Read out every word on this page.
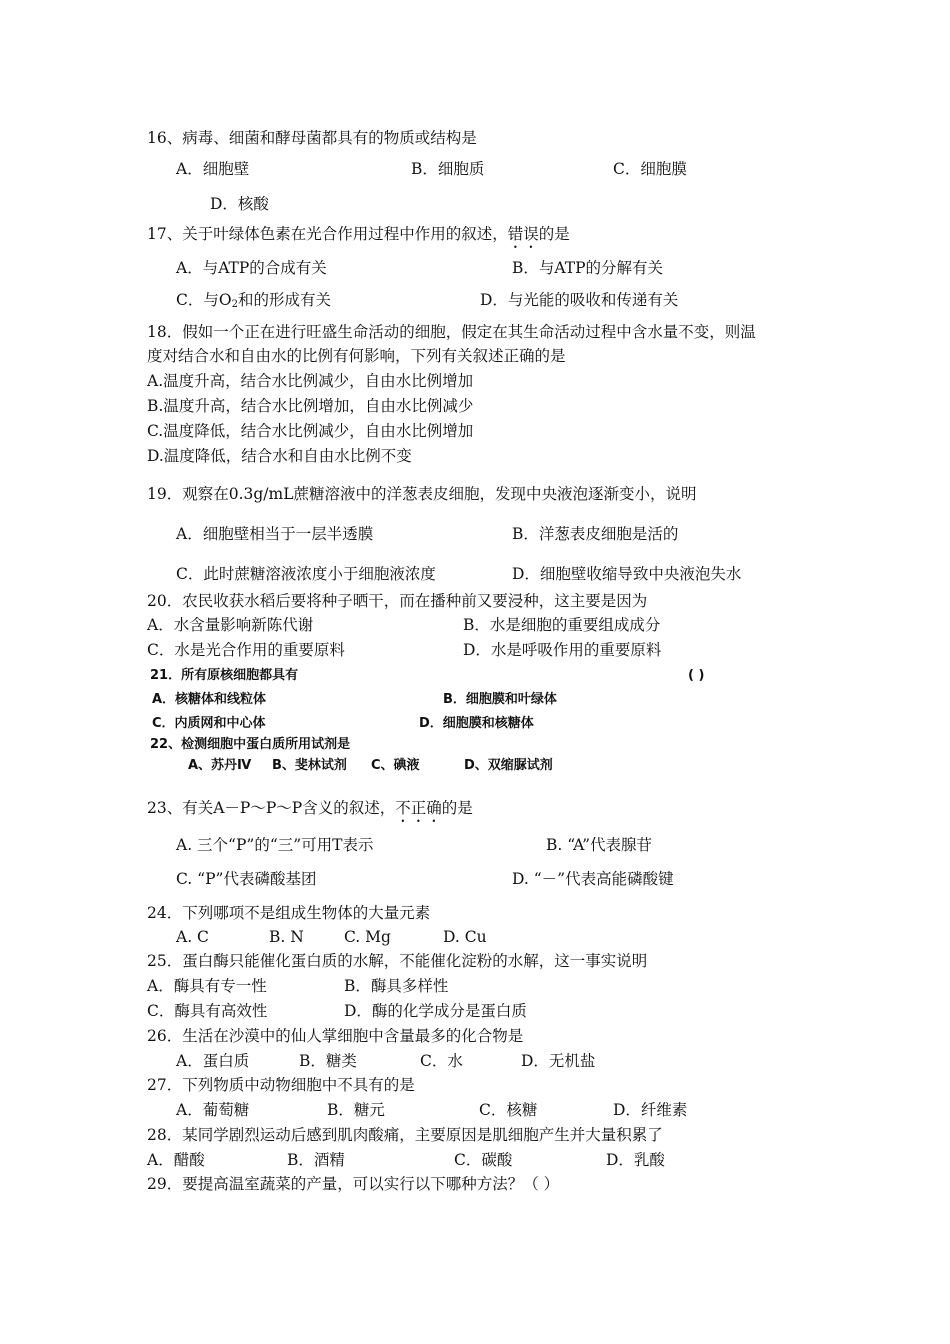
16、病毒、细菌和酵母菌都具有的物质或结构是
A．细胞壁	B．细胞质	C．细胞膜
D．核酸
17、关于叶绿体色素在光合作用过程中作用的叙述，错误的是
A．与ATP的合成有关	B．与ATP的分解有关
C．与$O_2$和的形成有关	D．与光能的吸收和传递有关
18．假如一个正在进行旺盛生命活动的细胞，假定在其生命活动过程中含水量不变，则温
度对结合水和自由水的比例有何影响，下列有关叙述正确的是
A.温度升高，结合水比例减少，自由水比例增加
B.温度升高，结合水比例增加，自由水比例减少
C.温度降低，结合水比例减少，自由水比例增加
D.温度降低，结合水和自由水比例不变
19．观察在0.3g/mL蔗糖溶液中的洋葱表皮细胞，发现中央液泡逐渐变小，说明
A．细胞壁相当于一层半透膜	B．洋葱表皮细胞是活的
C．此时蔗糖溶液浓度小于细胞液浓度	D．细胞壁收缩导致中央液泡失水
20．农民收获水稻后要将种子晒干，而在播种前又要浸种，这主要是因为
A．水含量影响新陈代谢	B．水是细胞的重要组成成分
C．水是光合作用的重要原料	D．水是呼吸作用的重要原料
21．所有原核细胞都具有	( )
A．核糖体和线粒体	B．细胞膜和叶绿体
C．内质网和中心体	D．细胞膜和核糖体
22、检测细胞中蛋白质所用试剂是
A、苏丹Ⅳ B、斐林试剂 C、碘液	D、双缩脲试剂
23、有关A－P～P～P含义的叙述，不正确的是
A. 三个“P”的“三”可用T表示	B. “A”代表腺苷
C. “P”代表磷酸基团	D. “－”代表高能磷酸键
24．下列哪项不是组成生物体的大量元素
A. C	B. N	C. Mg	D. Cu
25．蛋白酶只能催化蛋白质的水解，不能催化淀粉的水解，这一事实说明
A．酶具有专一性	B．酶具多样性
C．酶具有高效性	D．酶的化学成分是蛋白质
26．生活在沙漠中的仙人掌细胞中含量最多的化合物是
A．蛋白质	B．糖类	C．水	D．无机盐
27．下列物质中动物细胞中不具有的是
A．葡萄糖	B．糖元	C．核糖	D．纤维素
28．某同学剧烈运动后感到肌肉酸痛，主要原因是肌细胞产生并大量积累了
A．醋酸	B．酒精	C．碳酸	D．乳酸
29．要提高温室蔬菜的产量，可以实行以下哪种方法？（ ）
